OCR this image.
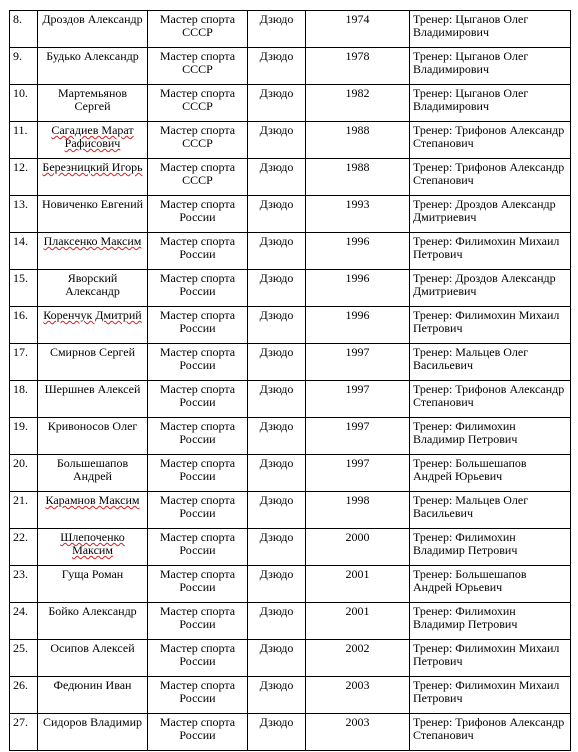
8.	Дроздов Александр	Мастер спорта СССР	Дзюдо	1974	Тренер: Цыганов Олег Владимирович
9.	Будько Александр	Мастер спорта СССР	Дзюдо	1978	Тренер: Цыганов Олег Владимирович
10.	Мартемьянов Сергей	Мастер спорта СССР	Дзюдо	1982	Тренер: Цыганов Олег Владимирович
11.	Сагадиев Марат Рафисович	Мастер спорта СССР	Дзюдо	1988	Тренер: Трифонов Александр Степанович
12.	Березницкий Игорь	Мастер спорта СССР	Дзюдо	1988	Тренер: Трифонов Александр Степанович
13.	Новиченко Евгений	Мастер спорта России	Дзюдо	1993	Тренер: Дроздов Александр Дмитриевич
14.	Плаксенко Максим	Мастер спорта России	Дзюдо	1996	Тренер: Филимохин Михаил Петрович
15.	Яворский Александр	Мастер спорта России	Дзюдо	1996	Тренер: Дроздов Александр Дмитриевич
16.	Коренчук Дмитрий	Мастер спорта России	Дзюдо	1996	Тренер: Филимохин Михаил Петрович
17.	Смирнов Сергей	Мастер спорта России	Дзюдо	1997	Тренер: Мальцев Олег Васильевич
18.	Шершнев Алексей	Мастер спорта России	Дзюдо	1997	Тренер: Трифонов Александр Степанович
19.	Кривоносов Олег	Мастер спорта России	Дзюдо	1997	Тренер: Филимохин Владимир Петрович
20.	Большешапов Андрей	Мастер спорта России	Дзюдо	1997	Тренер: Большешапов Андрей Юрьевич
21.	Карамнов Максим	Мастер спорта России	Дзюдо	1998	Тренер: Мальцев Олег Васильевич
22.	Шлепоченко Максим	Мастер спорта России	Дзюдо	2000	Тренер: Филимохин Владимир Петрович
23.	Гуща Роман	Мастер спорта России	Дзюдо	2001	Тренер: Большешапов Андрей Юрьевич
24.	Бойко Александр	Мастер спорта России	Дзюдо	2001	Тренер: Филимохин Владимир Петрович
25.	Осипов Алексей	Мастер спорта России	Дзюдо	2002	Тренер: Филимохин Михаил Петрович
26.	Федюнин Иван	Мастер спорта России	Дзюдо	2003	Тренер: Филимохин Михаил Петрович
27.	Сидоров Владимир	Мастер спорта России	Дзюдо	2003	Тренер: Трифонов Александр Степанович
